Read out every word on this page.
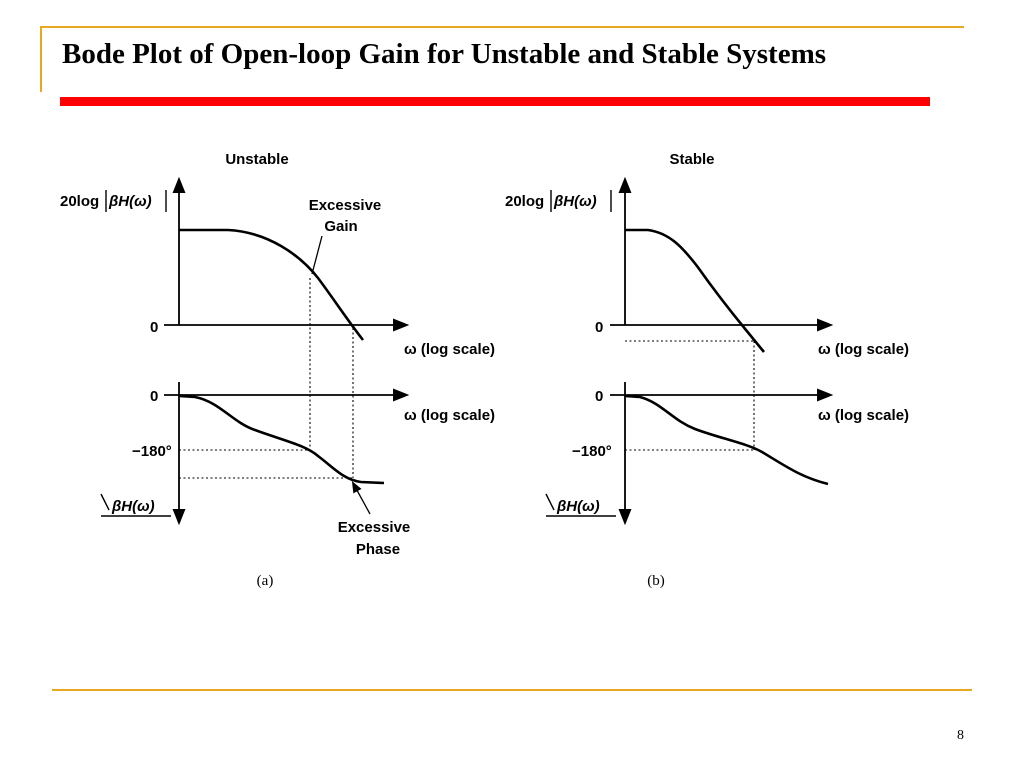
Bode Plot of Open-loop Gain for Unstable and Stable Systems
Unstable
20log βH(ω)
0
ω (log scale)
Excessive
Gain
0
ω (log scale)
−180°
βH(ω)
Excessive
Phase
(a)
Stable
20log βH(ω)
0
ω (log scale)
0
ω (log scale)
−180°
βH(ω)
(b)
8
